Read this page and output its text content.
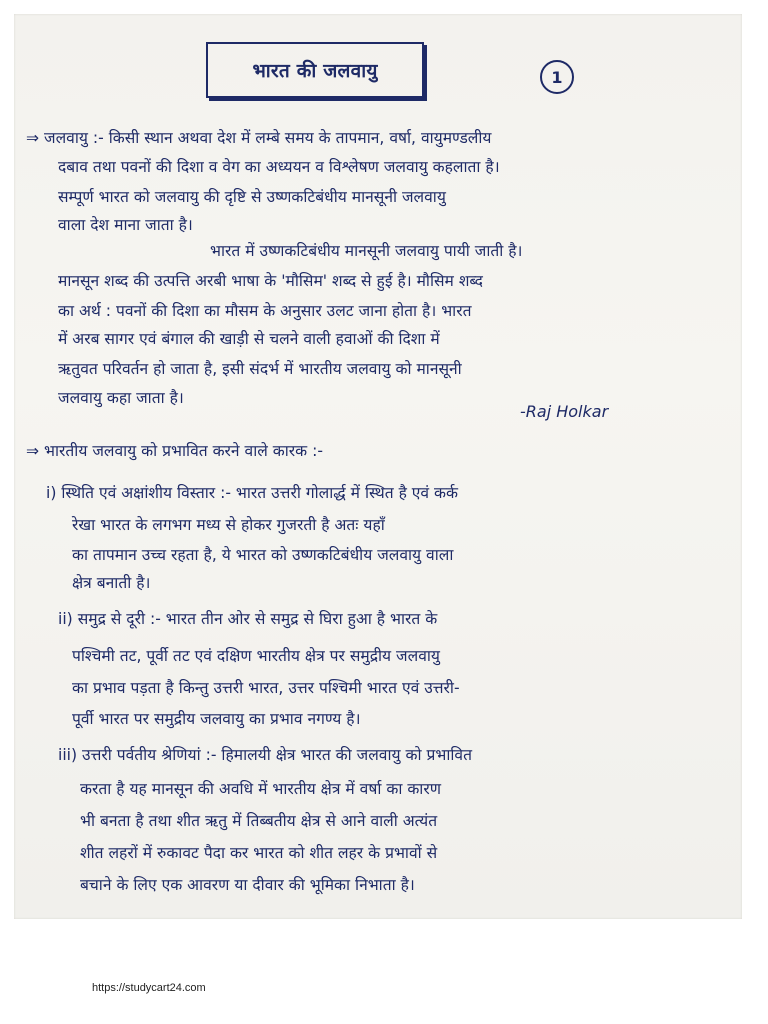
भारत की जलवायु	1
⇒ जलवायु :- किसी स्थान अथवा देश में लम्बे समय के तापमान, वर्षा, वायुमण्डलीय
दबाव तथा पवनों की दिशा व वेग का अध्ययन व विश्लेषण जलवायु कहलाता है।
सम्पूर्ण भारत को जलवायु की दृष्टि से उष्णकटिबंधीय मानसूनी जलवायु
वाला देश माना जाता है।
भारत में उष्णकटिबंधीय मानसूनी जलवायु पायी जाती है।
मानसून शब्द की उत्पत्ति अरबी भाषा के 'मौसिम' शब्द से हुई है। मौसिम शब्द
का अर्थ : पवनों की दिशा का मौसम के अनुसार उलट जाना होता है। भारत
में अरब सागर एवं बंगाल की खाड़ी से चलने वाली हवाओं की दिशा में
ऋतुवत परिवर्तन हो जाता है, इसी संदर्भ में भारतीय जलवायु को मानसूनी
जलवायु कहा जाता है।
-Raj Holkar
⇒ भारतीय जलवायु को प्रभावित करने वाले कारक :-
i) स्थिति एवं अक्षांशीय विस्तार :- भारत उत्तरी गोलार्द्ध में स्थित है एवं कर्क
रेखा भारत के लगभग मध्य से होकर गुजरती है अतः यहाँ
का तापमान उच्च रहता है, ये भारत को उष्णकटिबंधीय जलवायु वाला
क्षेत्र बनाती है।
ii) समुद्र से दूरी :- भारत तीन ओर से समुद्र से घिरा हुआ है भारत के
पश्चिमी तट, पूर्वी तट एवं दक्षिण भारतीय क्षेत्र पर समुद्रीय जलवायु
का प्रभाव पड़ता है किन्तु उत्तरी भारत, उत्तर पश्चिमी भारत एवं उत्तरी-
पूर्वी भारत पर समुद्रीय जलवायु का प्रभाव नगण्य है।
iii) उत्तरी पर्वतीय श्रेणियां :- हिमालयी क्षेत्र भारत की जलवायु को प्रभावित
करता है यह मानसून की अवधि में भारतीय क्षेत्र में वर्षा का कारण
भी बनता है तथा शीत ऋतु में तिब्बतीय क्षेत्र से आने वाली अत्यंत
शीत लहरों में रुकावट पैदा कर भारत को शीत लहर के प्रभावों से
बचाने के लिए एक आवरण या दीवार की भूमिका निभाता है।
https://studycart24.com
